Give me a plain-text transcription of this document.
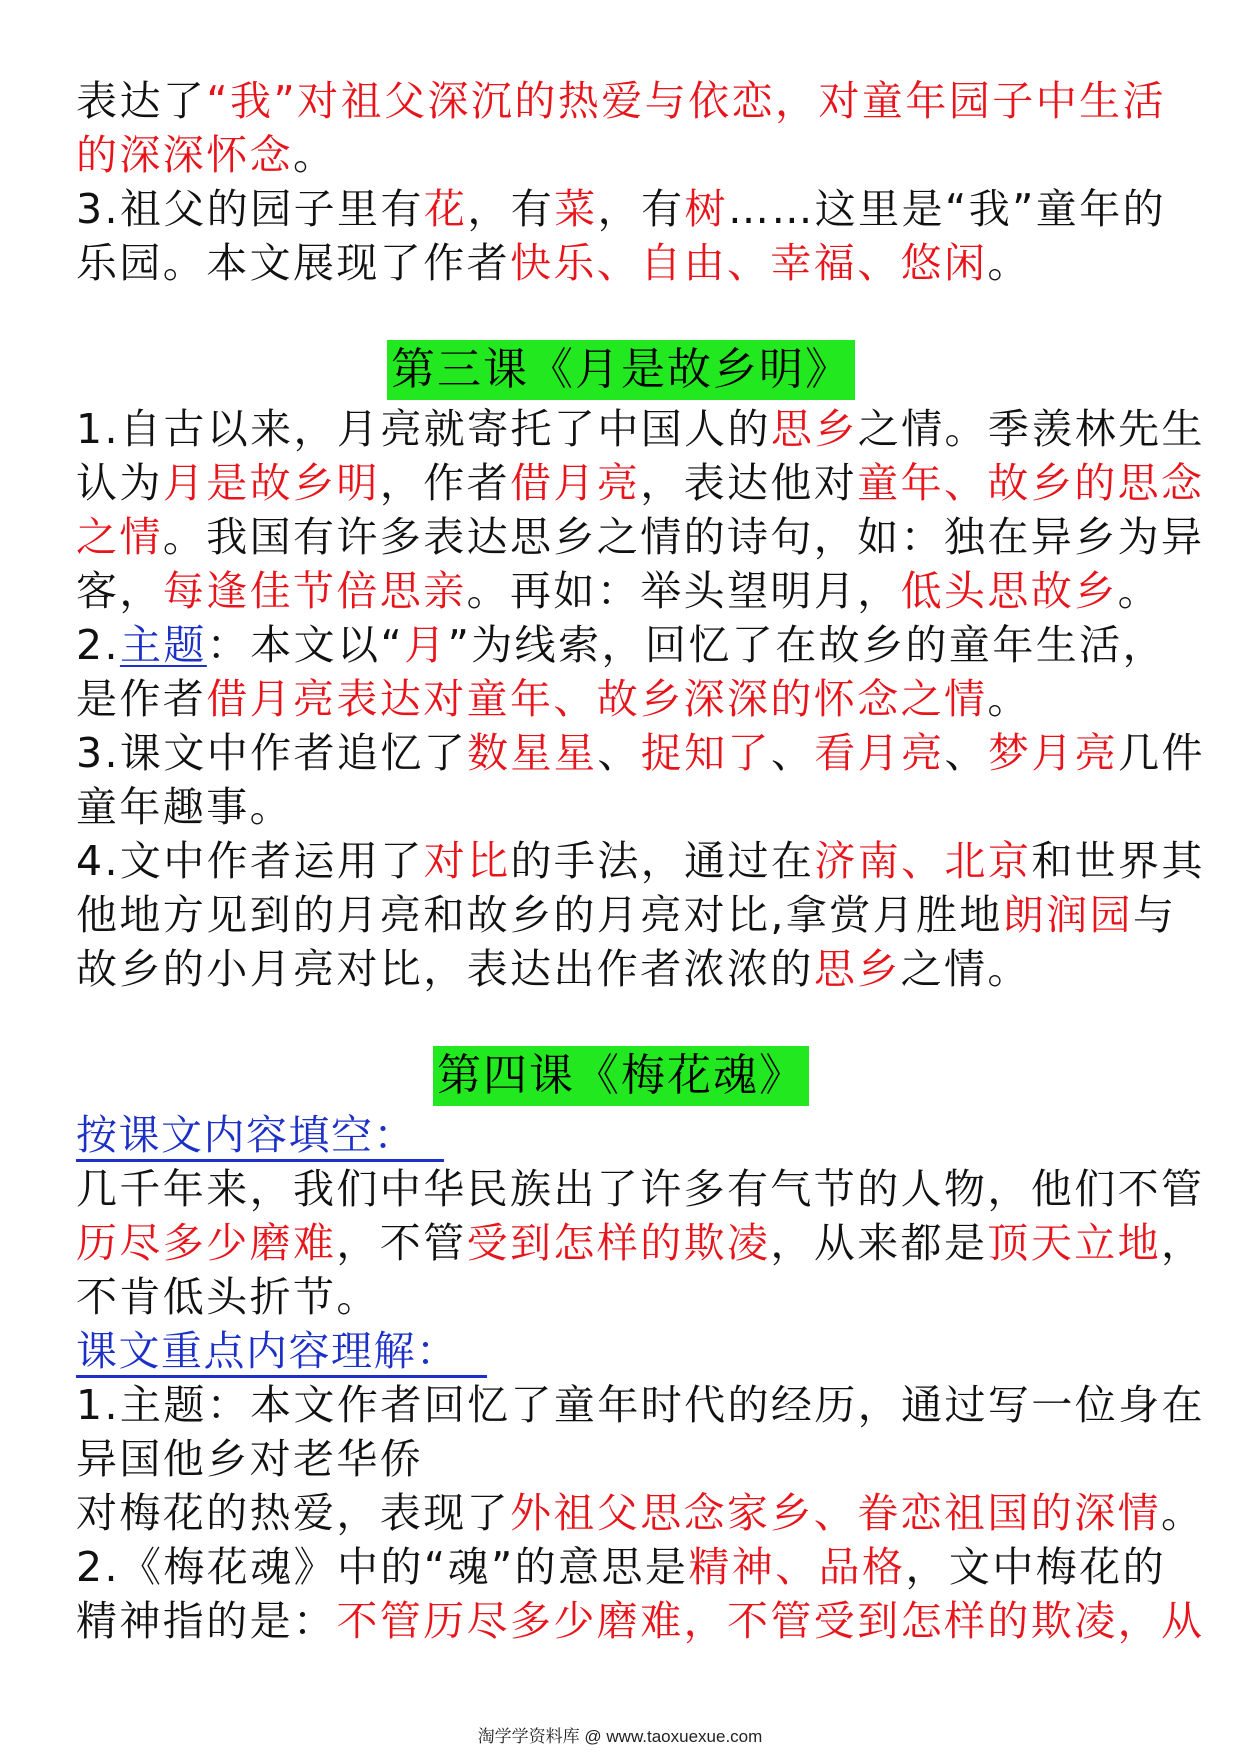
表达了“我”对祖父深沉的热爱与依恋，对童年园子中生活
的深深怀念。
3.祖父的园子里有花，有菜，有树……这里是“我”童年的
乐园。本文展现了作者快乐、自由、幸福、悠闲。
第三课《月是故乡明》
1.自古以来，月亮就寄托了中国人的思乡之情。季羡林先生
认为月是故乡明，作者借月亮，表达他对童年、故乡的思念
之情。我国有许多表达思乡之情的诗句，如：独在异乡为异
客，每逢佳节倍思亲。再如：举头望明月，低头思故乡。
2.主题：本文以“月”为线索，回忆了在故乡的童年生活，
是作者借月亮表达对童年、故乡深深的怀念之情。
3.课文中作者追忆了数星星、捉知了、看月亮、梦月亮几件
童年趣事。
4.文中作者运用了对比的手法，通过在济南、北京和世界其
他地方见到的月亮和故乡的月亮对比,拿赏月胜地朗润园与
故乡的小月亮对比，表达出作者浓浓的思乡之情。
第四课《梅花魂》
按课文内容填空：
几千年来，我们中华民族出了许多有气节的人物，他们不管
历尽多少磨难，不管受到怎样的欺凌，从来都是顶天立地，
不肯低头折节。
课文重点内容理解：
1.主题：本文作者回忆了童年时代的经历，通过写一位身在
异国他乡对老华侨
对梅花的热爱，表现了外祖父思念家乡、眷恋祖国的深情。
2.《梅花魂》中的“魂”的意思是精神、品格，文中梅花的
精神指的是：不管历尽多少磨难，不管受到怎样的欺凌，从
淘学学资料库 @ www.taoxuexue.com
